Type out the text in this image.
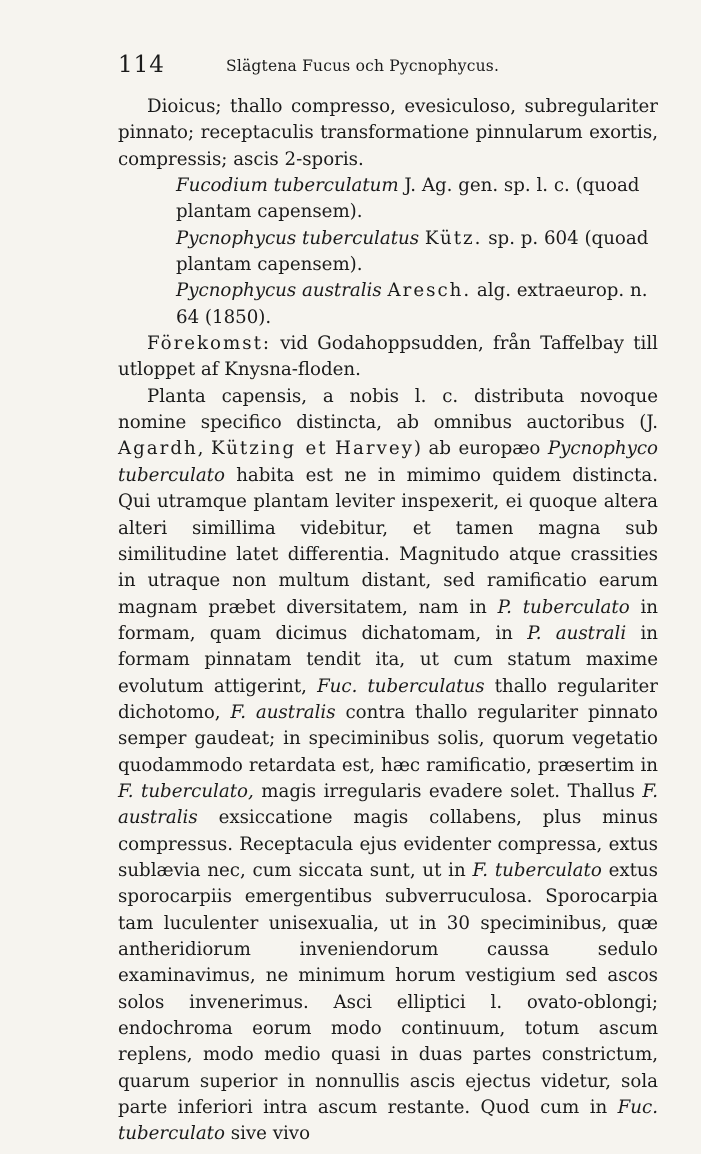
114	Slägtena Fucus och Pycnophycus.

Dioicus; thallo compresso, evesiculoso, subregulariter pinnato; receptaculis transformatione pinnularum exortis, compressis; ascis 2-sporis.

Fucodium tuberculatum J. Ag. gen. sp. l. c. (quoad plantam capensem).

Pycnophycus tuberculatus Kütz. sp. p. 604 (quoad plantam capensem).

Pycnophycus australis Aresch. alg. extraeurop. n. 64 (1850).

Förekomst: vid Godahoppsudden, från Taffelbay till utloppet af Knysna-floden.

Planta capensis, a nobis l. c. distributa novoque nomine specifico distincta, ab omnibus auctoribus (J. Agardh, Kützing et Harvey) ab europæo Pycnophyco tuberculato habita est ne in mimimo quidem distincta. Qui utramque plantam leviter inspexerit, ei quoque altera alteri simillima videbitur, et tamen magna sub similitudine latet differentia. Magnitudo atque crassities in utraque non multum distant, sed ramificatio earum magnam præbet diversitatem, nam in P. tuberculato in formam, quam dicimus dichatomam, in P. australi in formam pinnatam tendit ita, ut cum statum maxime evolutum attigerint, Fuc. tuberculatus thallo regulariter dichotomo, F. australis contra thallo regulariter pinnato semper gaudeat; in speciminibus solis, quorum vegetatio quodammodo retardata est, hæc ramificatio, præsertim in F. tuberculato, magis irregularis evadere solet. Thallus F. australis exsiccatione magis collabens, plus minus compressus. Receptacula ejus evidenter compressa, extus sublævia nec, cum siccata sunt, ut in F. tuberculato extus sporocarpiis emergentibus subverruculosa. Sporocarpia tam luculenter unisexualia, ut in 30 speciminibus, quæ antheridiorum inveniendorum caussa sedulo examinavimus, ne minimum horum vestigium sed ascos solos invenerimus. Asci elliptici l. ovato-oblongi; endochroma eorum modo continuum, totum ascum replens, modo medio quasi in duas partes constrictum, quarum superior in nonnullis ascis ejectus videtur, sola parte inferiori intra ascum restante. Quod cum in Fuc. tuberculato sive vivo
